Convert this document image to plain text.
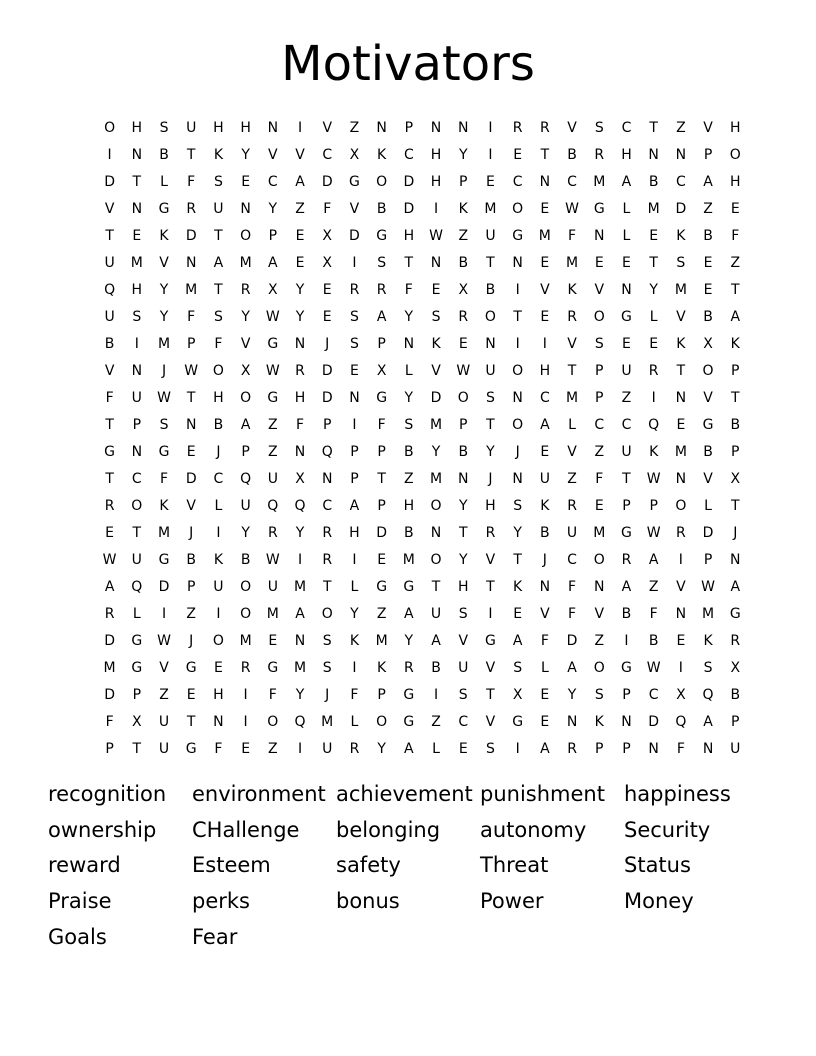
Motivators
O	H	S	U	H	H	N	I	V	Z	N	P	N	N	I	R	R	V	S	C	T	Z	V	H
I	N	B	T	K	Y	V	V	C	X	K	C	H	Y	I	E	T	B	R	H	N	N	P	O
D	T	L	F	S	E	C	A	D	G	O	D	H	P	E	C	N	C	M	A	B	C	A	H
V	N	G	R	U	N	Y	Z	F	V	B	D	I	K	M	O	E	W	G	L	M	D	Z	E
T	E	K	D	T	O	P	E	X	D	G	H	W	Z	U	G	M	F	N	L	E	K	B	F
U	M	V	N	A	M	A	E	X	I	S	T	N	B	T	N	E	M	E	E	T	S	E	Z
Q	H	Y	M	T	R	X	Y	E	R	R	F	E	X	B	I	V	K	V	N	Y	M	E	T
U	S	Y	F	S	Y	W	Y	E	S	A	Y	S	R	O	T	E	R	O	G	L	V	B	A
B	I	M	P	F	V	G	N	J	S	P	N	K	E	N	I	I	V	S	E	E	K	X	K
V	N	J	W	O	X	W	R	D	E	X	L	V	W	U	O	H	T	P	U	R	T	O	P
F	U	W	T	H	O	G	H	D	N	G	Y	D	O	S	N	C	M	P	Z	I	N	V	T
T	P	S	N	B	A	Z	F	P	I	F	S	M	P	T	O	A	L	C	C	Q	E	G	B
G	N	G	E	J	P	Z	N	Q	P	P	B	Y	B	Y	J	E	V	Z	U	K	M	B	P
T	C	F	D	C	Q	U	X	N	P	T	Z	M	N	J	N	U	Z	F	T	W	N	V	X
R	O	K	V	L	U	Q	Q	C	A	P	H	O	Y	H	S	K	R	E	P	P	O	L	T
E	T	M	J	I	Y	R	Y	R	H	D	B	N	T	R	Y	B	U	M	G	W	R	D	J
W	U	G	B	K	B	W	I	R	I	E	M	O	Y	V	T	J	C	O	R	A	I	P	N
A	Q	D	P	U	O	U	M	T	L	G	G	T	H	T	K	N	F	N	A	Z	V	W	A
R	L	I	Z	I	O	M	A	O	Y	Z	A	U	S	I	E	V	F	V	B	F	N	M	G
D	G	W	J	O	M	E	N	S	K	M	Y	A	V	G	A	F	D	Z	I	B	E	K	R
M	G	V	G	E	R	G	M	S	I	K	R	B	U	V	S	L	A	O	G	W	I	S	X
D	P	Z	E	H	I	F	Y	J	F	P	G	I	S	T	X	E	Y	S	P	C	X	Q	B
F	X	U	T	N	I	O	Q	M	L	O	G	Z	C	V	G	E	N	K	N	D	Q	A	P
P	T	U	G	F	E	Z	I	U	R	Y	A	L	E	S	I	A	R	P	P	N	F	N	U
recognition	environment achievement punishment happiness
ownership	CHallenge	belonging	autonomy	Security
reward	Esteem	safety	Threat	Status
Praise	perks	bonus	Power	Money
Goals	Fear
